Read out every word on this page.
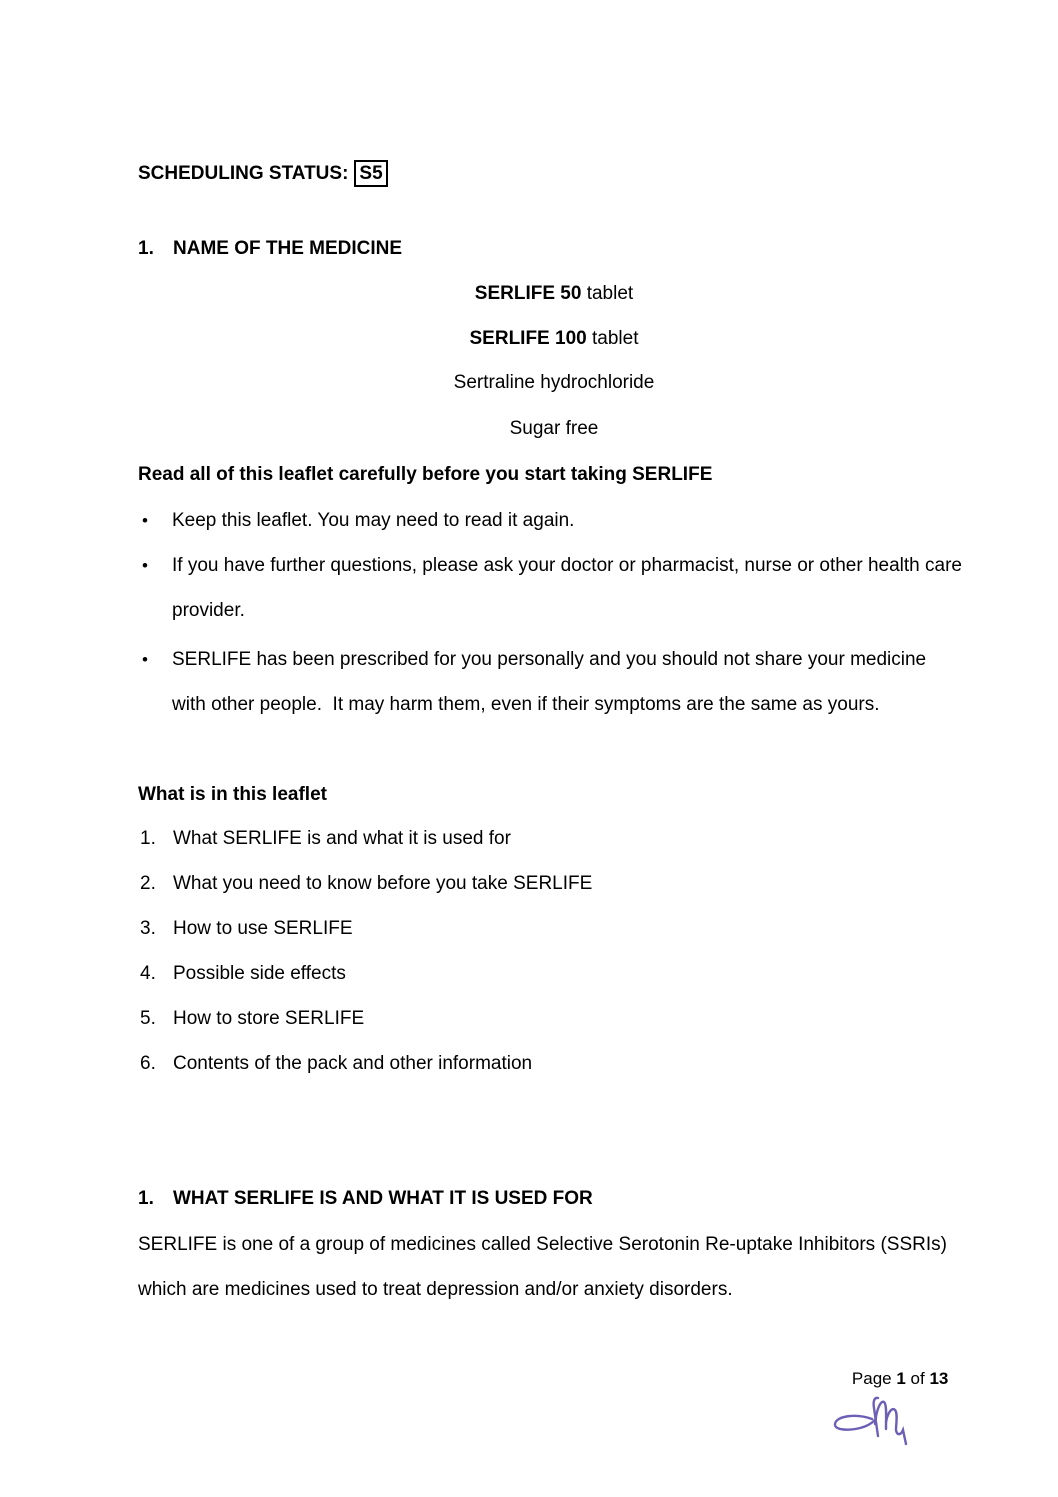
SCHEDULING STATUS: S5
1.	NAME OF THE MEDICINE
SERLIFE 50 tablet
SERLIFE 100 tablet
Sertraline hydrochloride
Sugar free
Read all of this leaflet carefully before you start taking SERLIFE
• Keep this leaflet. You may need to read it again.
• If you have further questions, please ask your doctor or pharmacist, nurse or other health care
provider.
• SERLIFE has been prescribed for you personally and you should not share your medicine
with other people.  It may harm them, even if their symptoms are the same as yours.
What is in this leaflet
1. What SERLIFE is and what it is used for
2. What you need to know before you take SERLIFE
3. How to use SERLIFE
4. Possible side effects
5. How to store SERLIFE
6. Contents of the pack and other information
1.	WHAT SERLIFE IS AND WHAT IT IS USED FOR
SERLIFE is one of a group of medicines called Selective Serotonin Re-uptake Inhibitors (SSRIs)
which are medicines used to treat depression and/or anxiety disorders.

Page 1 of 13
